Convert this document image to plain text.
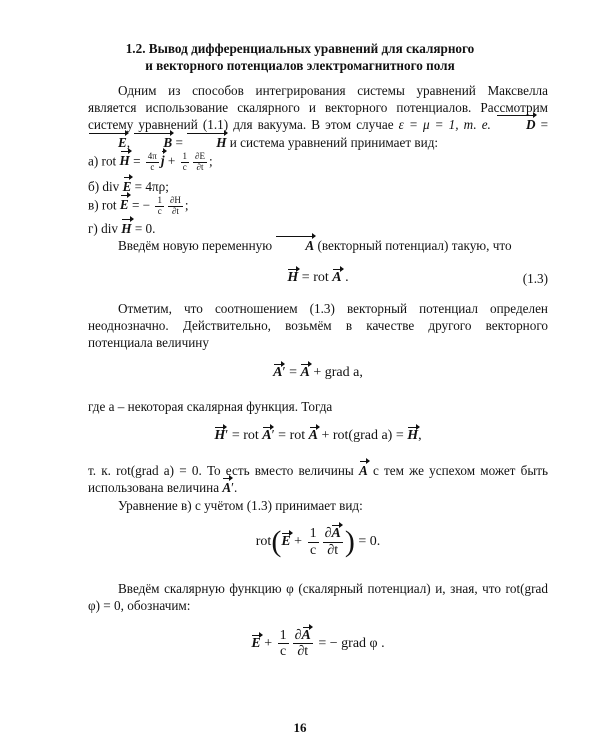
1.2. Вывод дифференциальных уравнений для скалярного
и векторного потенциалов электромагнитного поля
Одним из способов интегрирования системы уравнений Максвелла является использование скалярного и векторного потенциалов. Рассмотрим систему уравнений (1.1) для вакуума. В этом случае ε = μ = 1, т. е.	D = E, B = H и система уравнений принимает вид:
а) rot $H = \frac{4\pi}{c}$ $j + \frac{1}{c} \frac{\partial E}{\partial t}$ ;
б) div E = 4πρ;
в) rot E = − $\frac{1}{c} \frac{\partial H}{\partial t}$ ;
г) div H = 0.
Введём новую переменную	A (векторный потенциал) такую, что
H = rot A .	(1.3)
Отметим, что соотношением (1.3) векторный потенциал определен неоднозначно. Действительно, возьмём в качестве другого векторного потенциала величину
A′ = A + grad a,
где a – некоторая скалярная функция. Тогда
H′ = rot A′ = rot A + rot(grad a) = H,
т. к. rot(grad a) = 0. То есть вместо величины A с тем же успехом может быть использована величина A′.
Уравнение в) с учётом (1.3) принимает вид:
$rot(E + \frac{1}{c} \frac{\partial A}{\partial t}$ ) = 0.
Введём скалярную функцию φ (скалярный потенциал) и, зная, что rot(grad φ) = 0, обозначим:
$E + \frac{1}{c} \frac{\partial A}{\partial t}$ = − grad φ .
16
